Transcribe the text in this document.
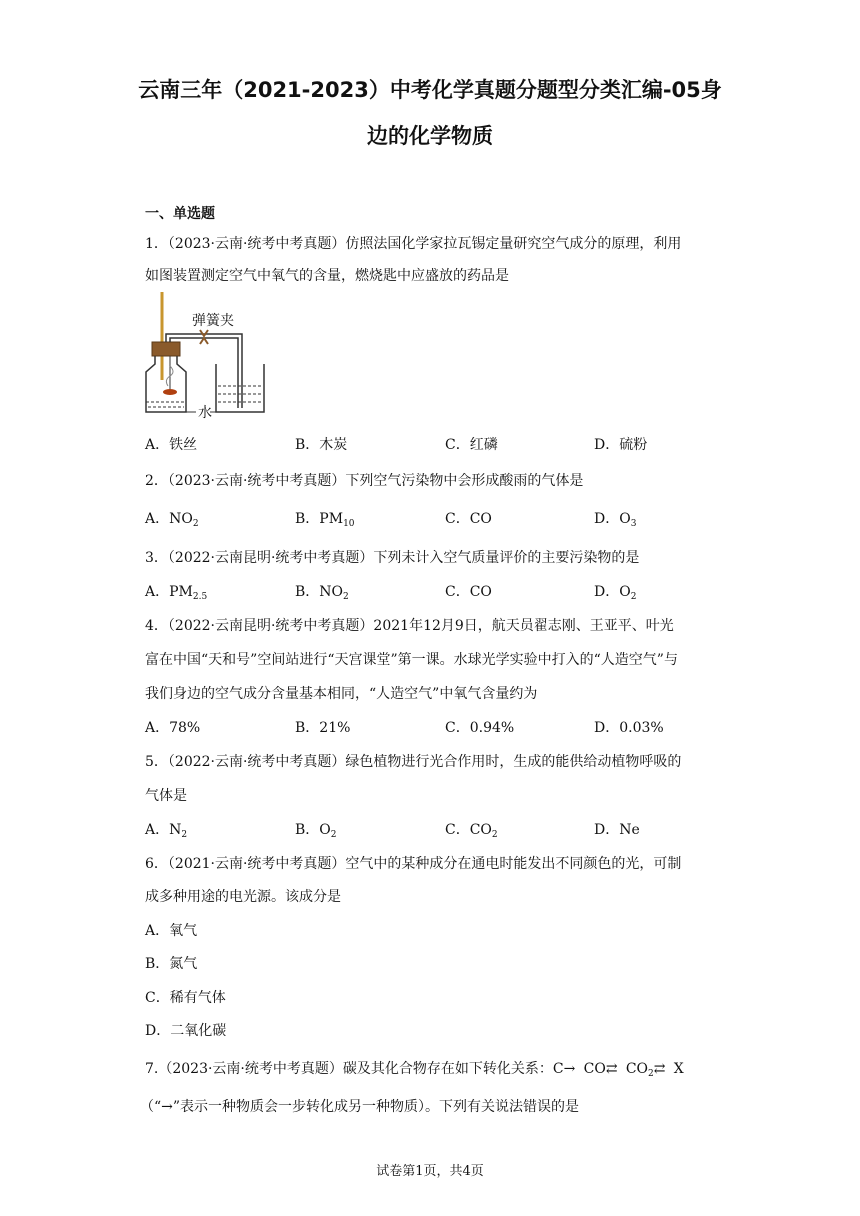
云南三年（2021-2023）中考化学真题分题型分类汇编-05身
边的化学物质
一、单选题
1．（2023·云南·统考中考真题）仿照法国化学家拉瓦锡定量研究空气成分的原理，利用
如图装置测定空气中氧气的含量，燃烧匙中应盛放的药品是
弹簧夹
水
A．铁丝	B．木炭	C．红磷	D．硫粉
2．（2023·云南·统考中考真题）下列空气污染物中会形成酸雨的气体是
A．$NO_2$	B．$PM_{10}$	C．CO	D．$O_3$
3．（2022·云南昆明·统考中考真题）下列未计入空气质量评价的主要污染物的是
A．$PM_{2.5}$	B．$NO_2$	C．CO	D．$O_2$
4．（2022·云南昆明·统考中考真题）2021年12月9日，航天员翟志刚、王亚平、叶光
富在中国“天和号”空间站进行“天宫课堂”第一课。水球光学实验中打入的“人造空气”与
我们身边的空气成分含量基本相同，“人造空气”中氧气含量约为
A．78%	B．21%	C．0.94%	D．0.03%
5．（2022·云南·统考中考真题）绿色植物进行光合作用时，生成的能供给动植物呼吸的
气体是
A．$N_2$	B．$O_2$	C．$CO_2$	D．Ne
6．（2021·云南·统考中考真题）空气中的某种成分在通电时能发出不同颜色的光，可制
成多种用途的电光源。该成分是
A．氧气
B．氮气
C．稀有气体
D．二氧化碳
7.（2023·云南·统考中考真题）碳及其化合物存在如下转化关系：C→ CO⇄ $CO_2⇄$ X
（“→”表示一种物质会一步转化成另一种物质）。下列有关说法错误的是
试卷第1页，共4页
